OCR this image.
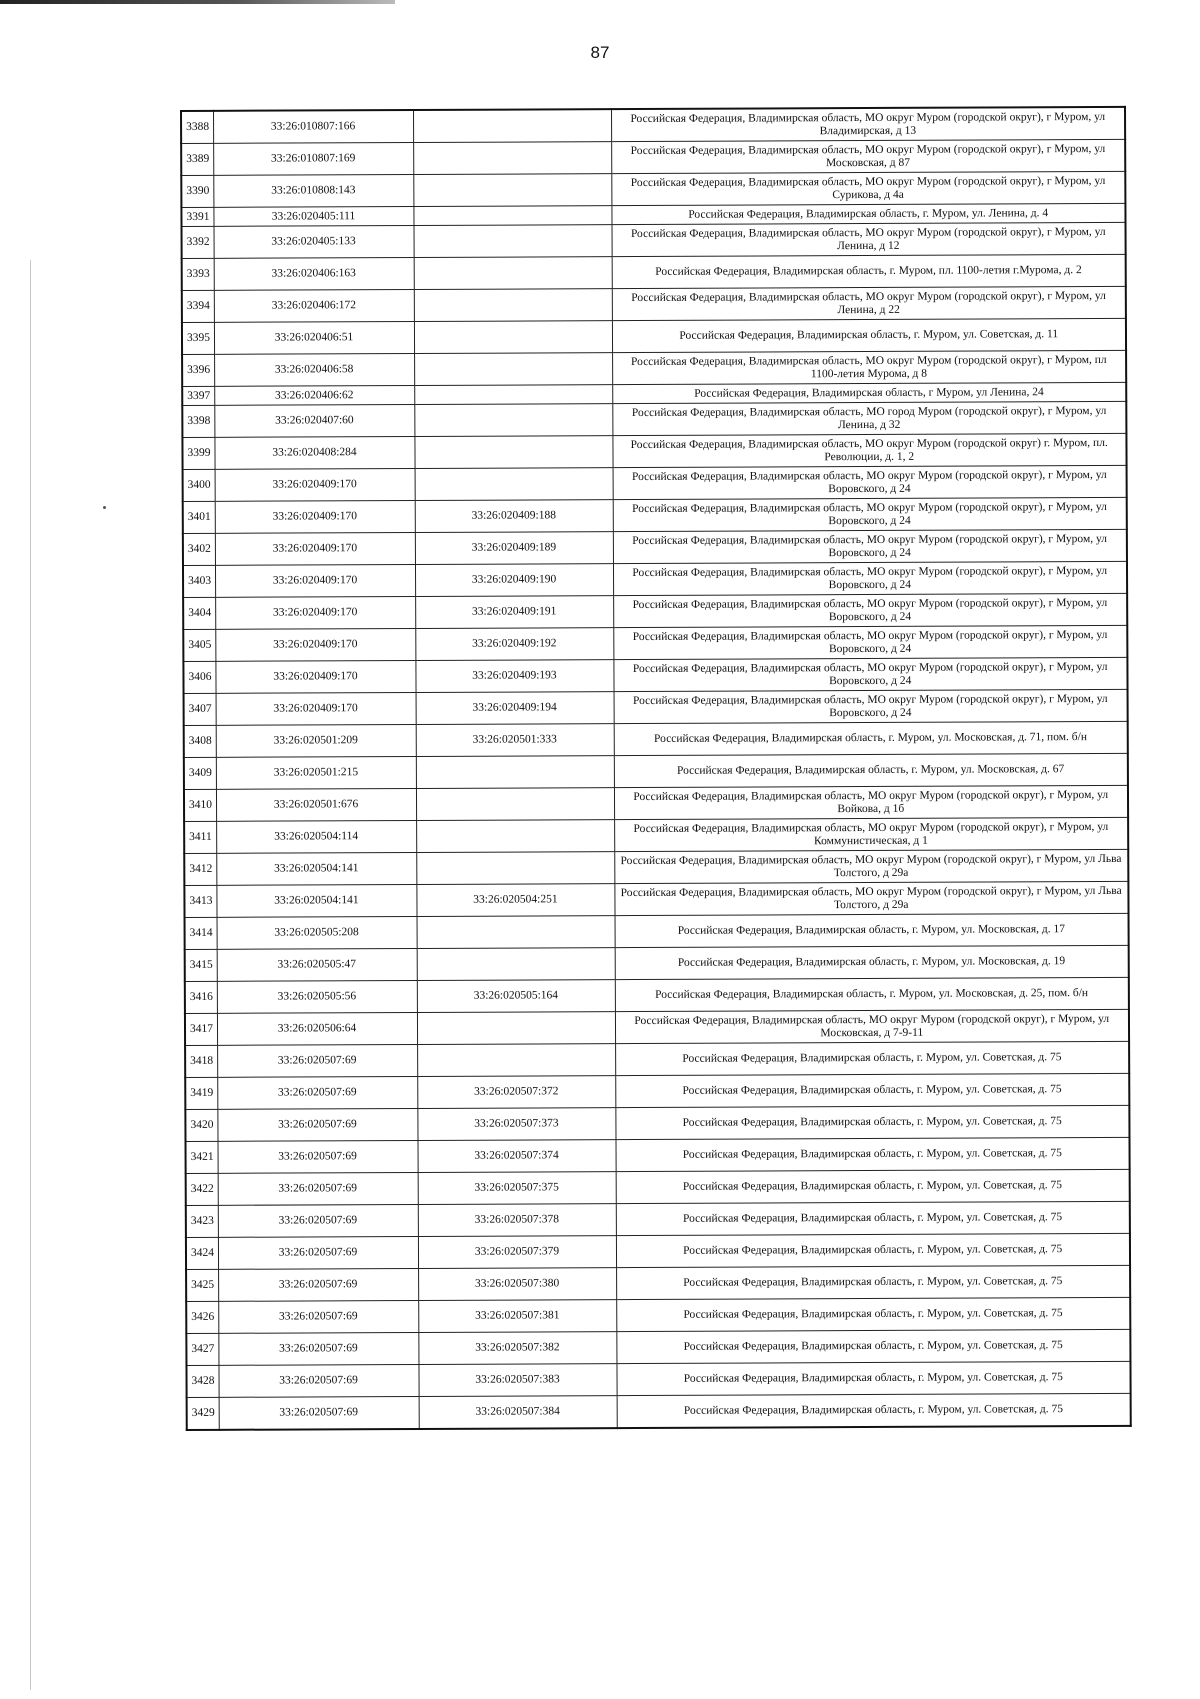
87
3388	33:26:010807:166		Российская Федерация, Владимирская область, МО округ Муром (городской округ), г Муром, ул Владимирская, д 13
3389	33:26:010807:169		Российская Федерация, Владимирская область, МО округ Муром (городской округ), г Муром, ул Московская, д 87
3390	33:26:010808:143		Российская Федерация, Владимирская область, МО округ Муром (городской округ), г Муром, ул Сурикова, д 4а
3391	33:26:020405:111		Российская Федерация, Владимирская область, г. Муром, ул. Ленина, д. 4
3392	33:26:020405:133		Российская Федерация, Владимирская область, МО округ Муром (городской округ), г Муром, ул Ленина, д 12
3393	33:26:020406:163		Российская Федерация, Владимирская область, г. Муром, пл. 1100-летия г.Мурома, д. 2
3394	33:26:020406:172		Российская Федерация, Владимирская область, МО округ Муром (городской округ), г Муром, ул Ленина, д 22
3395	33:26:020406:51		Российская Федерация, Владимирская область, г. Муром, ул. Советская, д. 11
3396	33:26:020406:58		Российская Федерация, Владимирская область, МО округ Муром (городской округ), г Муром, пл 1100-летия Мурома, д 8
3397	33:26:020406:62		Российская Федерация, Владимирская область, г Муром, ул Ленина, 24
3398	33:26:020407:60		Российская Федерация, Владимирская область, МО город Муром (городской округ), г Муром, ул Ленина, д 32
3399	33:26:020408:284		Российская Федерация, Владимирская область, МО округ Муром (городской округ) г. Муром, пл. Революции, д. 1, 2
3400	33:26:020409:170		Российская Федерация, Владимирская область, МО округ Муром (городской округ), г Муром, ул Воровского, д 24
3401	33:26:020409:170	33:26:020409:188	Российская Федерация, Владимирская область, МО округ Муром (городской округ), г Муром, ул Воровского, д 24
3402	33:26:020409:170	33:26:020409:189	Российская Федерация, Владимирская область, МО округ Муром (городской округ), г Муром, ул Воровского, д 24
3403	33:26:020409:170	33:26:020409:190	Российская Федерация, Владимирская область, МО округ Муром (городской округ), г Муром, ул Воровского, д 24
3404	33:26:020409:170	33:26:020409:191	Российская Федерация, Владимирская область, МО округ Муром (городской округ), г Муром, ул Воровского, д 24
3405	33:26:020409:170	33:26:020409:192	Российская Федерация, Владимирская область, МО округ Муром (городской округ), г Муром, ул Воровского, д 24
3406	33:26:020409:170	33:26:020409:193	Российская Федерация, Владимирская область, МО округ Муром (городской округ), г Муром, ул Воровского, д 24
3407	33:26:020409:170	33:26:020409:194	Российская Федерация, Владимирская область, МО округ Муром (городской округ), г Муром, ул Воровского, д 24
3408	33:26:020501:209	33:26:020501:333	Российская Федерация, Владимирская область, г. Муром, ул. Московская, д. 71, пом. б/н
3409	33:26:020501:215		Российская Федерация, Владимирская область, г. Муром, ул. Московская, д. 67
3410	33:26:020501:676		Российская Федерация, Владимирская область, МО округ Муром (городской округ), г Муром, ул Войкова, д 1б
3411	33:26:020504:114		Российская Федерация, Владимирская область, МО округ Муром (городской округ), г Муром, ул Коммунистическая, д 1
3412	33:26:020504:141		Российская Федерация, Владимирская область, МО округ Муром (городской округ), г Муром, ул Льва Толстого, д 29а
3413	33:26:020504:141	33:26:020504:251	Российская Федерация, Владимирская область, МО округ Муром (городской округ), г Муром, ул Льва Толстого, д 29а
3414	33:26:020505:208		Российская Федерация, Владимирская область, г. Муром, ул. Московская, д. 17
3415	33:26:020505:47		Российская Федерация, Владимирская область, г. Муром, ул. Московская, д. 19
3416	33:26:020505:56	33:26:020505:164	Российская Федерация, Владимирская область, г. Муром, ул. Московская, д. 25, пом. б/н
3417	33:26:020506:64		Российская Федерация, Владимирская область, МО округ Муром (городской округ), г Муром, ул Московская, д 7-9-11
3418	33:26:020507:69		Российская Федерация, Владимирская область, г. Муром, ул. Советская, д. 75
3419	33:26:020507:69	33:26:020507:372	Российская Федерация, Владимирская область, г. Муром, ул. Советская, д. 75
3420	33:26:020507:69	33:26:020507:373	Российская Федерация, Владимирская область, г. Муром, ул. Советская, д. 75
3421	33:26:020507:69	33:26:020507:374	Российская Федерация, Владимирская область, г. Муром, ул. Советская, д. 75
3422	33:26:020507:69	33:26:020507:375	Российская Федерация, Владимирская область, г. Муром, ул. Советская, д. 75
3423	33:26:020507:69	33:26:020507:378	Российская Федерация, Владимирская область, г. Муром, ул. Советская, д. 75
3424	33:26:020507:69	33:26:020507:379	Российская Федерация, Владимирская область, г. Муром, ул. Советская, д. 75
3425	33:26:020507:69	33:26:020507:380	Российская Федерация, Владимирская область, г. Муром, ул. Советская, д. 75
3426	33:26:020507:69	33:26:020507:381	Российская Федерация, Владимирская область, г. Муром, ул. Советская, д. 75
3427	33:26:020507:69	33:26:020507:382	Российская Федерация, Владимирская область, г. Муром, ул. Советская, д. 75
3428	33:26:020507:69	33:26:020507:383	Российская Федерация, Владимирская область, г. Муром, ул. Советская, д. 75
3429	33:26:020507:69	33:26:020507:384	Российская Федерация, Владимирская область, г. Муром, ул. Советская, д. 75
